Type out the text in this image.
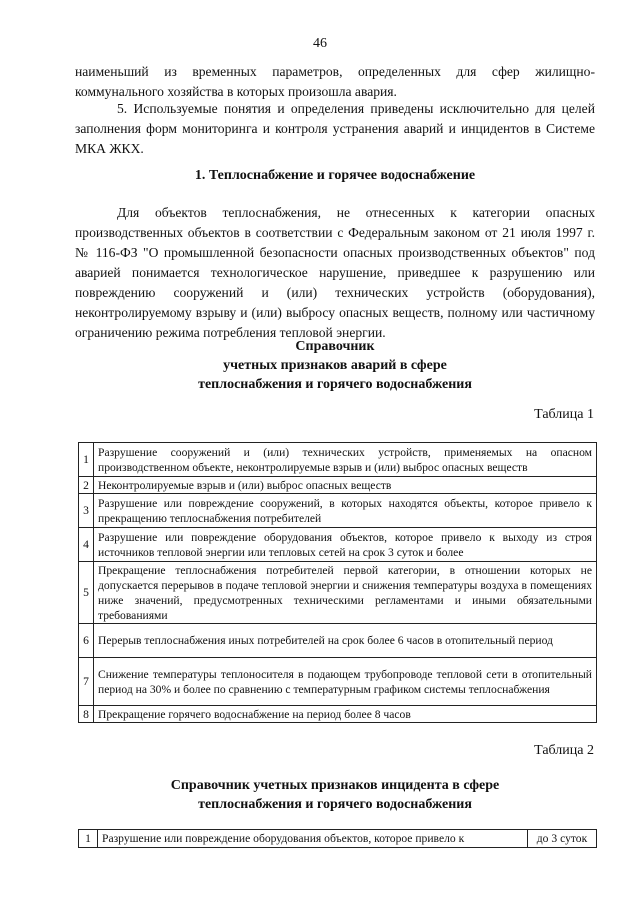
46
наименьший из временных параметров, определенных для сфер жилищно-коммунального хозяйства в которых произошла авария.
5. Используемые понятия и определения приведены исключительно для целей заполнения форм мониторинга и контроля устранения аварий и инцидентов в Системе МКА ЖКХ.
1. Теплоснабжение и горячее водоснабжение
Для объектов теплоснабжения, не отнесенных к категории опасных производственных объектов в соответствии с Федеральным законом от 21 июля 1997 г. № 116-ФЗ "О промышленной безопасности опасных производственных объектов" под аварией понимается технологическое нарушение, приведшее к разрушению или повреждению сооружений и (или) технических устройств (оборудования), неконтролируемому взрыву и (или) выбросу опасных веществ, полному или частичному ограничению режима потребления тепловой энергии.
Справочник
учетных признаков аварий в сфере
теплоснабжения и горячего водоснабжения
Таблица 1
1	Разрушение сооружений и (или) технических устройств, применяемых на опасном производственном объекте, неконтролируемые взрыв и (или) выброс опасных веществ
2	Неконтролируемые взрыв и (или) выброс опасных веществ
3	Разрушение или повреждение сооружений, в которых находятся объекты, которое привело к прекращению теплоснабжения потребителей
4	Разрушение или повреждение оборудования объектов, которое привело к выходу из строя источников тепловой энергии или тепловых сетей на срок 3 суток и более
5	Прекращение теплоснабжения потребителей первой категории, в отношении которых не допускается перерывов в подаче тепловой энергии и снижения температуры воздуха в помещениях ниже значений, предусмотренных техническими регламентами и иными обязательными требованиями
6	Перерыв теплоснабжения иных потребителей на срок более 6 часов в отопительный период
7	Снижение температуры теплоносителя в подающем трубопроводе тепловой сети в отопительный период на 30% и более по сравнению с температурным графиком системы теплоснабжения
8	Прекращение горячего водоснабжение на период более 8 часов
Таблица 2
Справочник учетных признаков инцидента в сфере
теплоснабжения и горячего водоснабжения
1	Разрушение или повреждение оборудования объектов, которое привело к	до 3 суток
